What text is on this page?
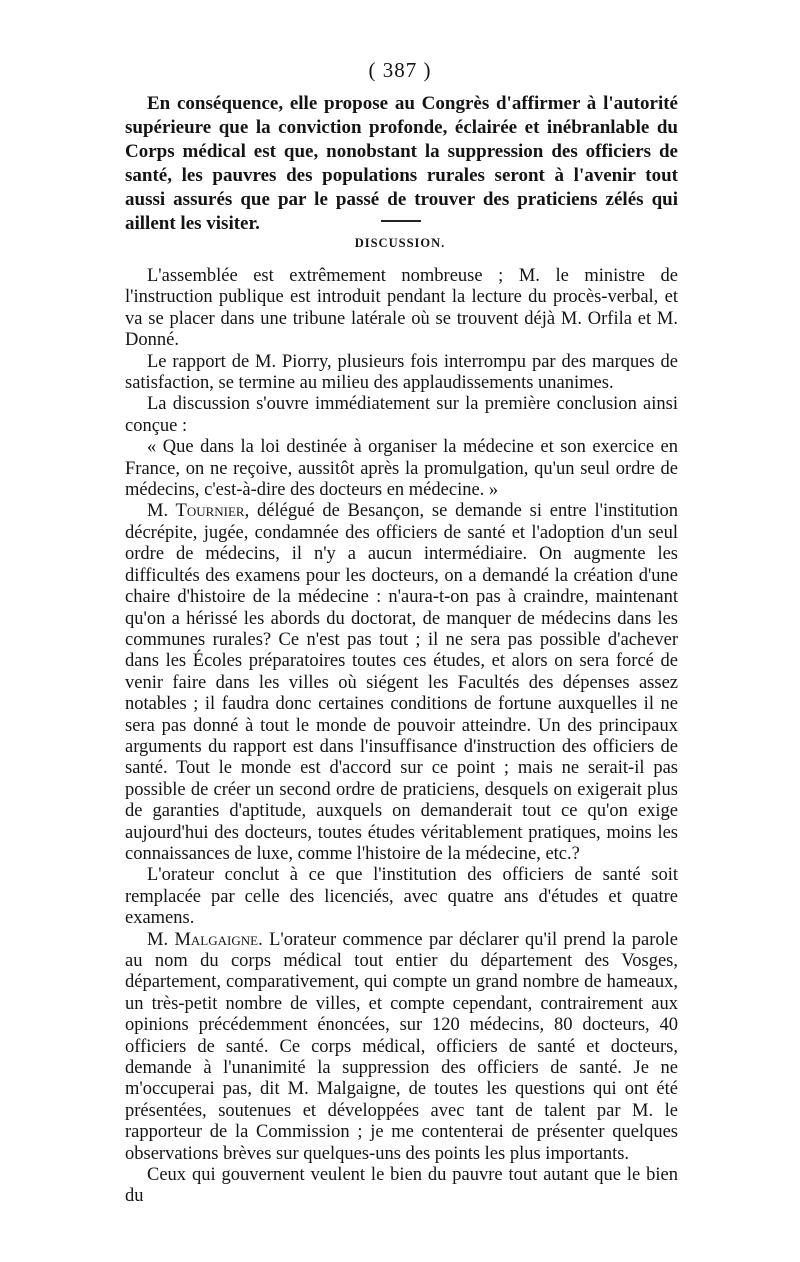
( 387 )

En conséquence, elle propose au Congrès d'affirmer à l'autorité supérieure que la conviction profonde, éclairée et inébranlable du Corps médical est que, nonobstant la suppression des officiers de santé, les pauvres des populations rurales seront à l'avenir tout aussi assurés que par le passé de trouver des praticiens zélés qui aillent les visiter.

DISCUSSION.

L'assemblée est extrêmement nombreuse ; M. le ministre de l'instruction publique est introduit pendant la lecture du procès-verbal, et va se placer dans une tribune latérale où se trouvent déjà M. Orfila et M. Donné.

Le rapport de M. Piorry, plusieurs fois interrompu par des marques de satisfaction, se termine au milieu des applaudissements unanimes.

La discussion s'ouvre immédiatement sur la première conclusion ainsi conçue :

« Que dans la loi destinée à organiser la médecine et son exercice en France, on ne reçoive, aussitôt après la promulgation, qu'un seul ordre de médecins, c'est-à-dire des docteurs en médecine. »

M. Tournier, délégué de Besançon, se demande si entre l'institution décrépite, jugée, condamnée des officiers de santé et l'adoption d'un seul ordre de médecins, il n'y a aucun intermédiaire. On augmente les difficultés des examens pour les docteurs, on a demandé la création d'une chaire d'histoire de la médecine : n'aura-t-on pas à craindre, maintenant qu'on a hérissé les abords du doctorat, de manquer de médecins dans les communes rurales? Ce n'est pas tout ; il ne sera pas possible d'achever dans les Écoles préparatoires toutes ces études, et alors on sera forcé de venir faire dans les villes où siégent les Facultés des dépenses assez notables ; il faudra donc certaines conditions de fortune auxquelles il ne sera pas donné à tout le monde de pouvoir atteindre. Un des principaux arguments du rapport est dans l'insuffisance d'instruction des officiers de santé. Tout le monde est d'accord sur ce point ; mais ne serait-il pas possible de créer un second ordre de praticiens, desquels on exigerait plus de garanties d'aptitude, auxquels on demanderait tout ce qu'on exige aujourd'hui des docteurs, toutes études véritablement pratiques, moins les connaissances de luxe, comme l'histoire de la médecine, etc.?

L'orateur conclut à ce que l'institution des officiers de santé soit remplacée par celle des licenciés, avec quatre ans d'études et quatre examens.

M. Malgaigne. L'orateur commence par déclarer qu'il prend la parole au nom du corps médical tout entier du département des Vosges, département, comparativement, qui compte un grand nombre de hameaux, un très-petit nombre de villes, et compte cependant, contrairement aux opinions précédemment énoncées, sur 120 médecins, 80 docteurs, 40 officiers de santé. Ce corps médical, officiers de santé et docteurs, demande à l'unanimité la suppression des officiers de santé. Je ne m'occuperai pas, dit M. Malgaigne, de toutes les questions qui ont été présentées, soutenues et développées avec tant de talent par M. le rapporteur de la Commission ; je me contenterai de présenter quelques observations brèves sur quelques-uns des points les plus importants.

Ceux qui gouvernent veulent le bien du pauvre tout autant que le bien du
